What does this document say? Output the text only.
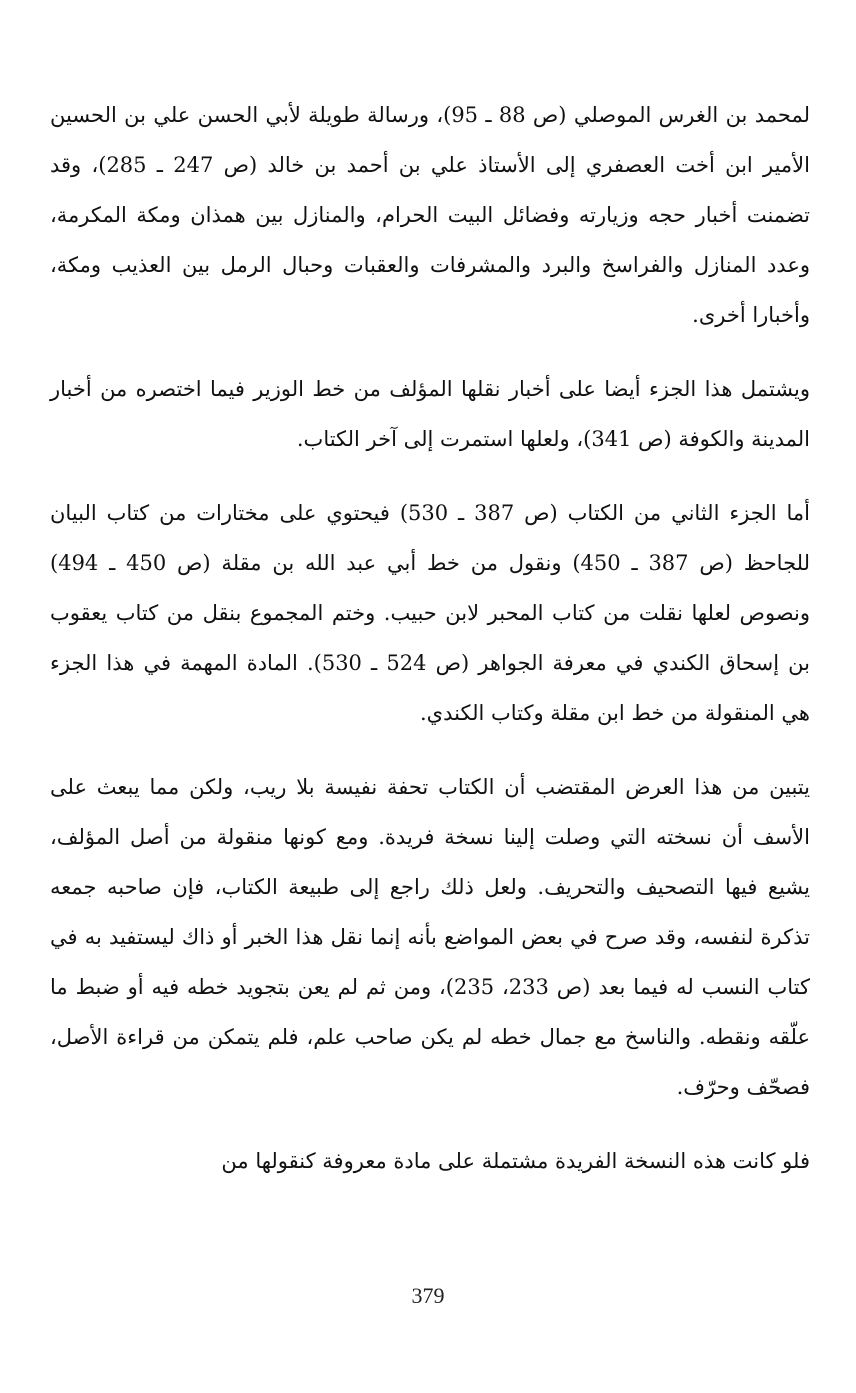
لمحمد بن الغرس الموصلي (ص 88 ـ 95)، ورسالة طويلة لأبي الحسن علي بن الحسين الأمير ابن أخت العصفري إلى الأستاذ علي بن أحمد بن خالد (ص 247 ـ 285)، وقد تضمنت أخبار حجه وزيارته وفضائل البيت الحرام، والمنازل بين همذان ومكة المكرمة، وعدد المنازل والفراسخ والبرد والمشرفات والعقبات وحبال الرمل بين العذيب ومكة، وأخبارا أخرى.

ويشتمل هذا الجزء أيضا على أخبار نقلها المؤلف من خط الوزير فيما اختصره من أخبار المدينة والكوفة (ص 341)، ولعلها استمرت إلى آخر الكتاب.

أما الجزء الثاني من الكتاب (ص 387 ـ 530) فيحتوي على مختارات من كتاب البيان للجاحظ (ص 387 ـ 450) ونقول من خط أبي عبد الله بن مقلة (ص 450 ـ 494) ونصوص لعلها نقلت من كتاب المحبر لابن حبيب. وختم المجموع بنقل من كتاب يعقوب بن إسحاق الكندي في معرفة الجواهر (ص 524 ـ 530). المادة المهمة في هذا الجزء هي المنقولة من خط ابن مقلة وكتاب الكندي.

يتبين من هذا العرض المقتضب أن الكتاب تحفة نفيسة بلا ريب، ولكن مما يبعث على الأسف أن نسخته التي وصلت إلينا نسخة فريدة. ومع كونها منقولة من أصل المؤلف، يشيع فيها التصحيف والتحريف. ولعل ذلك راجع إلى طبيعة الكتاب، فإن صاحبه جمعه تذكرة لنفسه، وقد صرح في بعض المواضع بأنه إنما نقل هذا الخبر أو ذاك ليستفيد به في كتاب النسب له فيما بعد (ص 233، 235)، ومن ثم لم يعن بتجويد خطه فيه أو ضبط ما علّقه ونقطه. والناسخ مع جمال خطه لم يكن صاحب علم، فلم يتمكن من قراءة الأصل، فصحّف وحرّف.

فلو كانت هذه النسخة الفريدة مشتملة على مادة معروفة كنقولها من

379
